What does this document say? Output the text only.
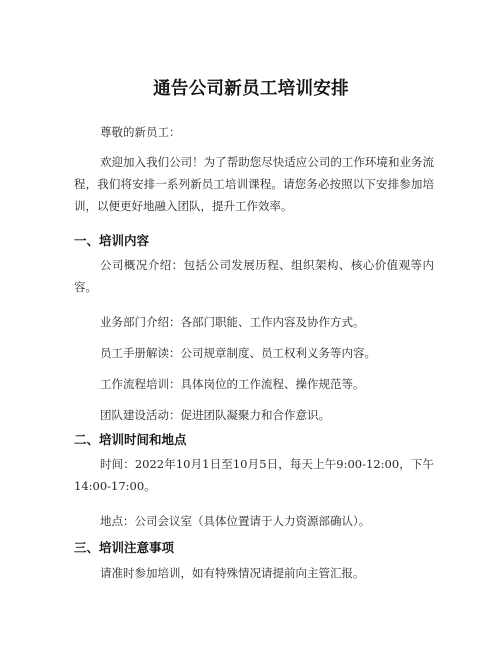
通告公司新员工培训安排

尊敬的新员工：

欢迎加入我们公司！为了帮助您尽快适应公司的工作环境和业务流程，我们将安排一系列新员工培训课程。请您务必按照以下安排参加培训，以便更好地融入团队，提升工作效率。

一、培训内容

公司概况介绍：包括公司发展历程、组织架构、核心价值观等内容。

业务部门介绍：各部门职能、工作内容及协作方式。

员工手册解读：公司规章制度、员工权利义务等内容。

工作流程培训：具体岗位的工作流程、操作规范等。

团队建设活动：促进团队凝聚力和合作意识。

二、培训时间和地点

时间：2022年10月1日至10月5日，每天上午9:00-12:00，下午14:00-17:00。

地点：公司会议室（具体位置请于人力资源部确认）。

三、培训注意事项

请准时参加培训，如有特殊情况请提前向主管汇报。
